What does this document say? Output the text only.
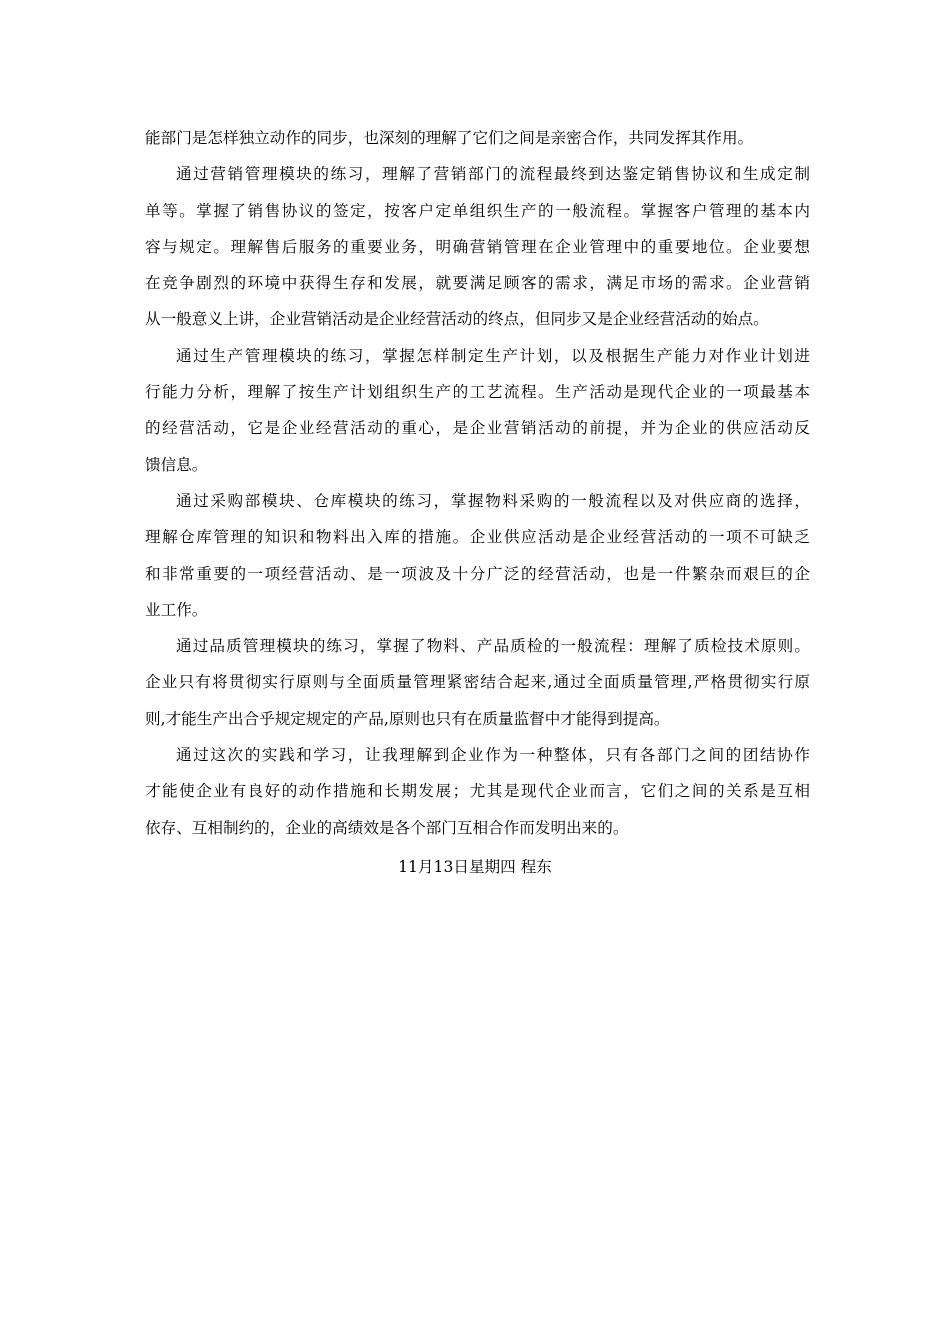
能部门是怎样独立动作的同步，也深刻的理解了它们之间是亲密合作，共同发挥其作用。
通过营销管理模块的练习，理解了营销部门的流程最终到达鉴定销售协议和生成定制
单等。掌握了销售协议的签定，按客户定单组织生产的一般流程。掌握客户管理的基本内
容与规定。理解售后服务的重要业务，明确营销管理在企业管理中的重要地位。企业要想
在竞争剧烈的环境中获得生存和发展，就要满足顾客的需求，满足市场的需求。企业营销
从一般意义上讲，企业营销活动是企业经营活动的终点，但同步又是企业经营活动的始点。
通过生产管理模块的练习，掌握怎样制定生产计划，以及根据生产能力对作业计划进
行能力分析，理解了按生产计划组织生产的工艺流程。生产活动是现代企业的一项最基本
的经营活动，它是企业经营活动的重心，是企业营销活动的前提，并为企业的供应活动反
馈信息。
通过采购部模块、仓库模块的练习，掌握物料采购的一般流程以及对供应商的选择，
理解仓库管理的知识和物料出入库的措施。企业供应活动是企业经营活动的一项不可缺乏
和非常重要的一项经营活动、是一项波及十分广泛的经营活动，也是一件繁杂而艰巨的企
业工作。
通过品质管理模块的练习，掌握了物料、产品质检的一般流程：理解了质检技术原则。
企业只有将贯彻实行原则与全面质量管理紧密结合起来,通过全面质量管理,严格贯彻实行原
则,才能生产出合乎规定规定的产品,原则也只有在质量监督中才能得到提高。
通过这次的实践和学习，让我理解到企业作为一种整体，只有各部门之间的团结协作
才能使企业有良好的动作措施和长期发展；尤其是现代企业而言，它们之间的关系是互相
依存、互相制约的，企业的高绩效是各个部门互相合作而发明出来的。
11月13日星期四 程东
